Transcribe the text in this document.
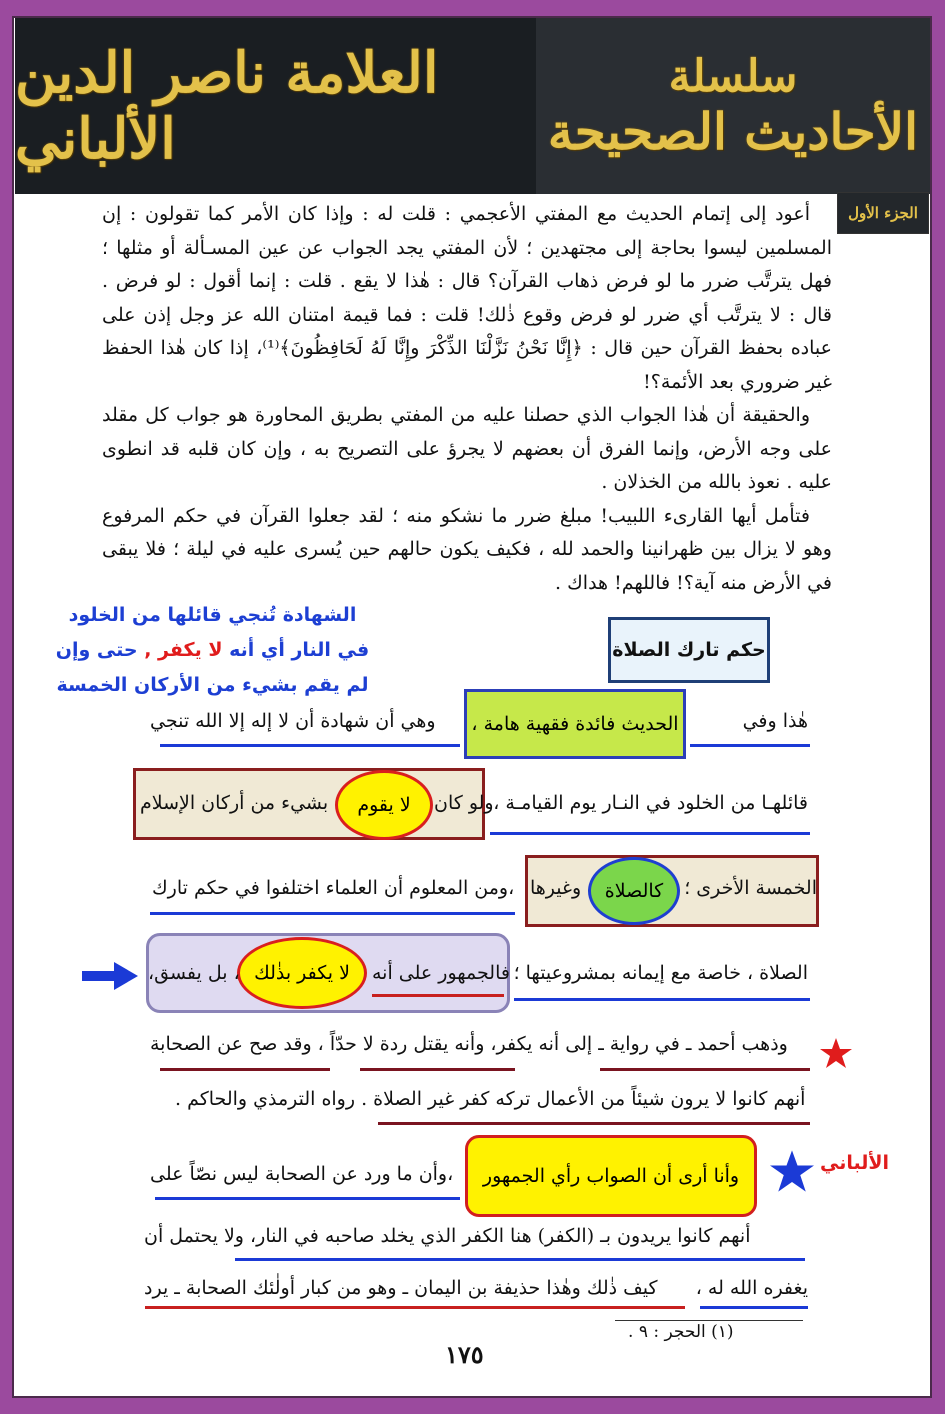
العلامة ناصر الدين الألباني
سلسلة
الأحاديث الصحيحة
الجزء الأول

أعود إلى إتمام الحديث مع المفتي الأعجمي : قلت له : وإذا كان الأمر كما تقولون : إن المسلمين ليسوا بحاجة إلى مجتهدين ؛ لأن المفتي يجد الجواب عن عين المسـألة أو مثلها ؛ فهل يترتَّب ضرر ما لو فرض ذهاب القرآن؟ قال : هٰذا لا يقع . قلت : إنما أقول : لو فرض . قال : لا يترتَّب أي ضرر لو فرض وقوع ذٰلك! قلت : فما قيمة امتنان الله عز وجل إذن على عباده بحفظ القرآن حين قال : ﴿إِنَّا نَحْنُ نَزَّلْنَا الذِّكْرَ وإِنَّا لَهُ لَحَافِظُونَ﴾⁽¹⁾، إذا كان هٰذا الحفظ غير ضروري بعد الأئمة؟!

والحقيقة أن هٰذا الجواب الذي حصلنا عليه من المفتي بطريق المحاورة هو جواب كل مقلد على وجه الأرض، وإنما الفرق أن بعضهم لا يجرؤ على التصريح به ، وإن كان قلبه قد انطوى عليه . نعوذ بالله من الخذلان .

فتأمل أيها القارىء اللبيب! مبلغ ضرر ما نشكو منه ؛ لقد جعلوا القرآن في حكم المرفوع وهو لا يزال بين ظهرانينا والحمد لله ، فكيف يكون حالهم حين يُسرى عليه في ليلة ؛ فلا يبقى في الأرض منه آية؟! فاللهم! هداك .

حكم تارك الصلاة
الشهادة تُنجي قائلها من الخلود في النار أي أنه لا يكفر , حتى وإن لم يقم بشيء من الأركان الخمسة
الحديث فائدة فقهية هامة ،	هٰذا وفي
وهي أن شهادة أن لا إله إلا الله تنجي
لا يقوم	قائلهـا من الخلود في النـار يوم القيامـة ،
ولو كان
بشيء من أركان الإسلام
كالصلاة الخمسة الأخرى ؛
وغيرها
،ومن المعلوم أن العلماء اختلفوا في حكم تارك
لا يكفر بذٰلك	الصلاة ، خاصة مع إيمانه بمشروعيتها ؛
فالجمهور على أنه
، بل يفسق،
وذهب أحمد ـ في رواية ـ إلى أنه يكفر، وأنه يقتل ردة لا حدّاً ، وقد صح عن الصحابة
أنهم كانوا لا يرون شيئاً من الأعمال تركه كفر غير الصلاة . رواه الترمذي والحاكم .
الألباني
وأنا أرى أن الصواب رأي الجمهور
،وأن ما ورد عن الصحابة ليس نصّاً على
أنهم كانوا يريدون بـ (الكفر) هنا الكفر الذي يخلد صاحبه في النار، ولا يحتمل أن
يغفره الله له ،
كيف ذٰلك وهٰذا حذيفة بن اليمان ـ وهو من كبار أولٰئك الصحابة ـ يرد
(١) الحجر : ٩ .
١٧٥
